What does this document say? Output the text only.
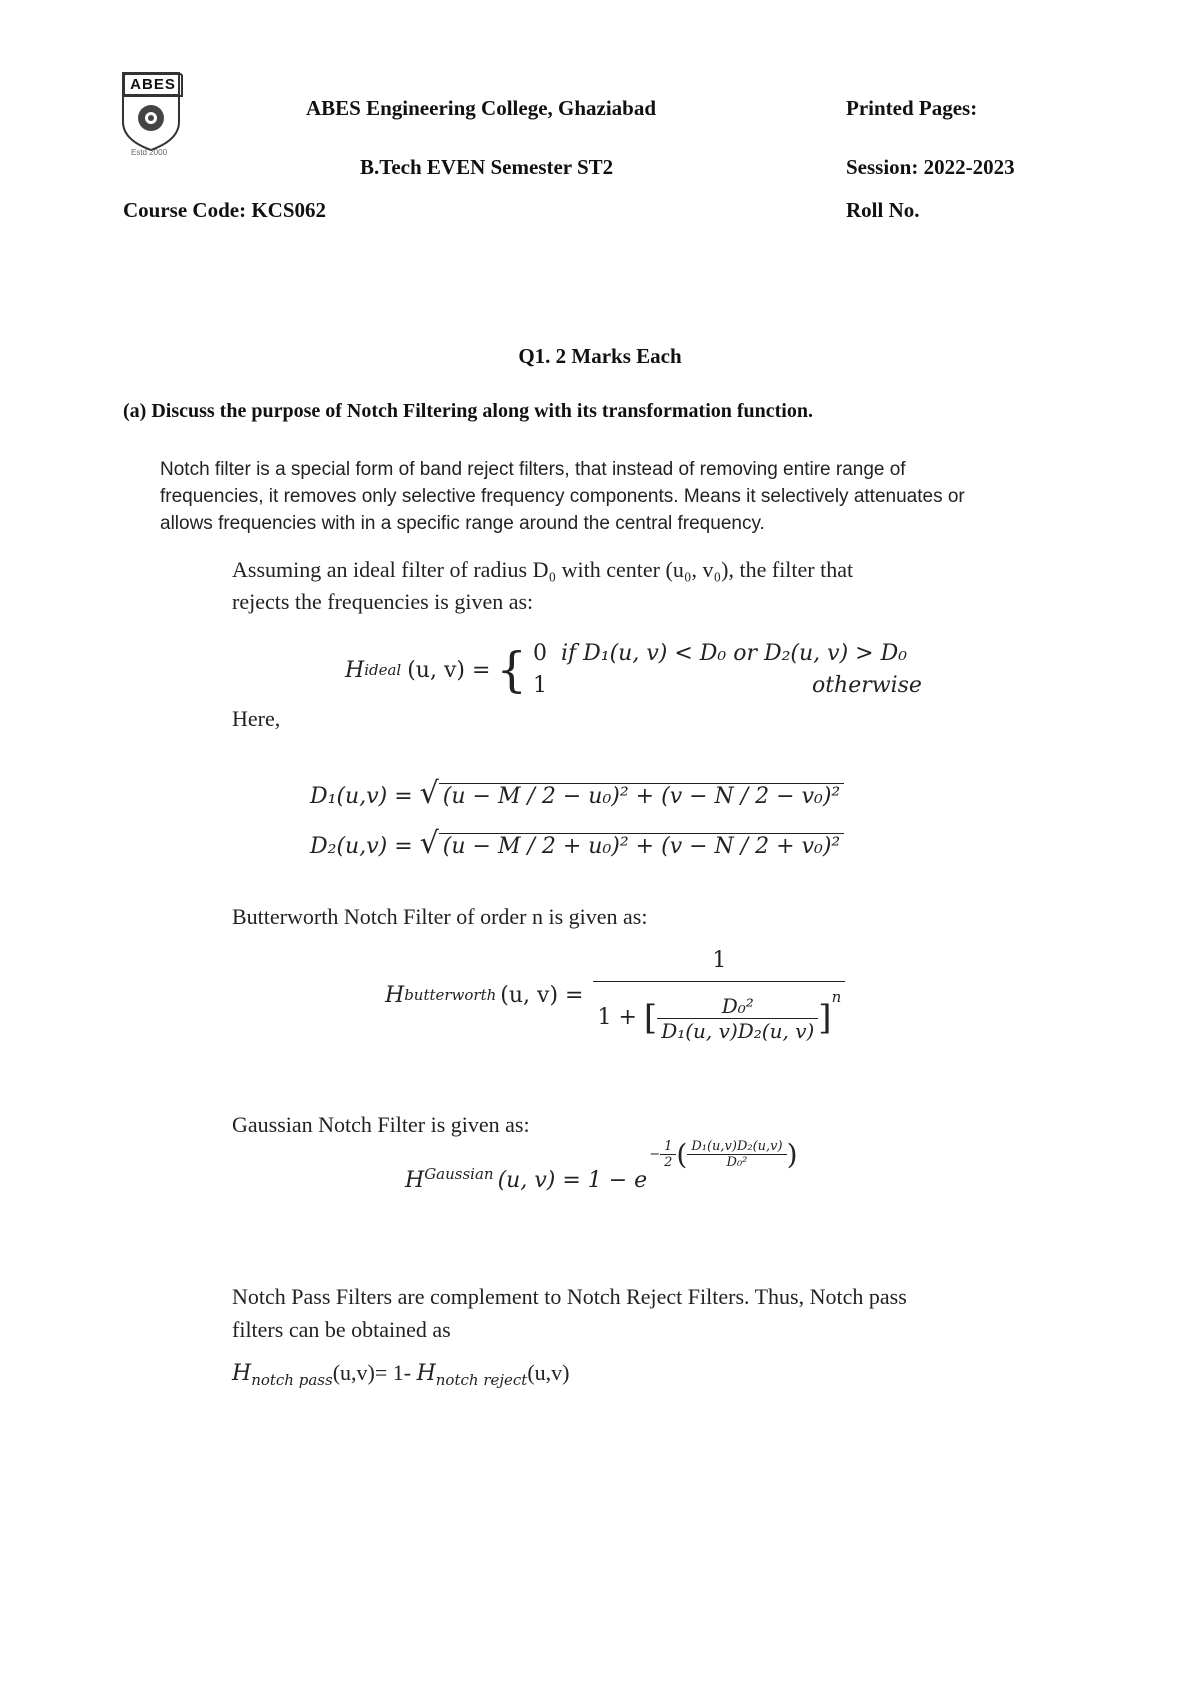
ABES
Estd 2000
ABES Engineering College, Ghaziabad	Printed Pages:
B.Tech EVEN Semester ST2	Session: 2022-2023
Course Code: KCS062	Roll No.
Q1. 2 Marks Each
(a) Discuss the purpose of Notch Filtering along with its transformation function.

Notch filter is a special form of band reject filters, that instead of removing entire range of

frequencies, it removes only selective frequency components. Means it selectively attenuates or

allows frequencies with in a specific range around the central frequency.

Assuming an ideal filter of radius D₀ with center (u₀, v₀), the filter that
rejects the frequencies is given as:
H ideal (u, v) = { 0 if D₁(u, v) < D₀ or D₂(u, v) > D₀
1	otherwise
Here,
D₁(u,v) = √ (u − M / 2 − u₀)² + (v − N / 2 − v₀)²
D₂(u,v) = √ (u − M / 2 + u₀)² + (v − N / 2 + v₀)²
Butterworth Notch Filter of order n is given as:
H butterworth (u, $v) = \frac{1}{1 + [ \frac{\text{D₀²}}{\text{D₁(u, v)D₂(u, v)}} ]^n}$
Gaussian Notch Filter is given as:
H Gaussian (u, v) = 1 − e
− $\frac{1}{2}$ ( $\frac{\text{D₁(u,v)D₂(u,v)}}{\text{D₀²}}$ )
Notch Pass Filters are complement to Notch Reject Filters. Thus, Notch pass
filters can be obtained as
$H_{notch pass}(u,v)= 1-$ $H_{notch reject}(u,v)$
